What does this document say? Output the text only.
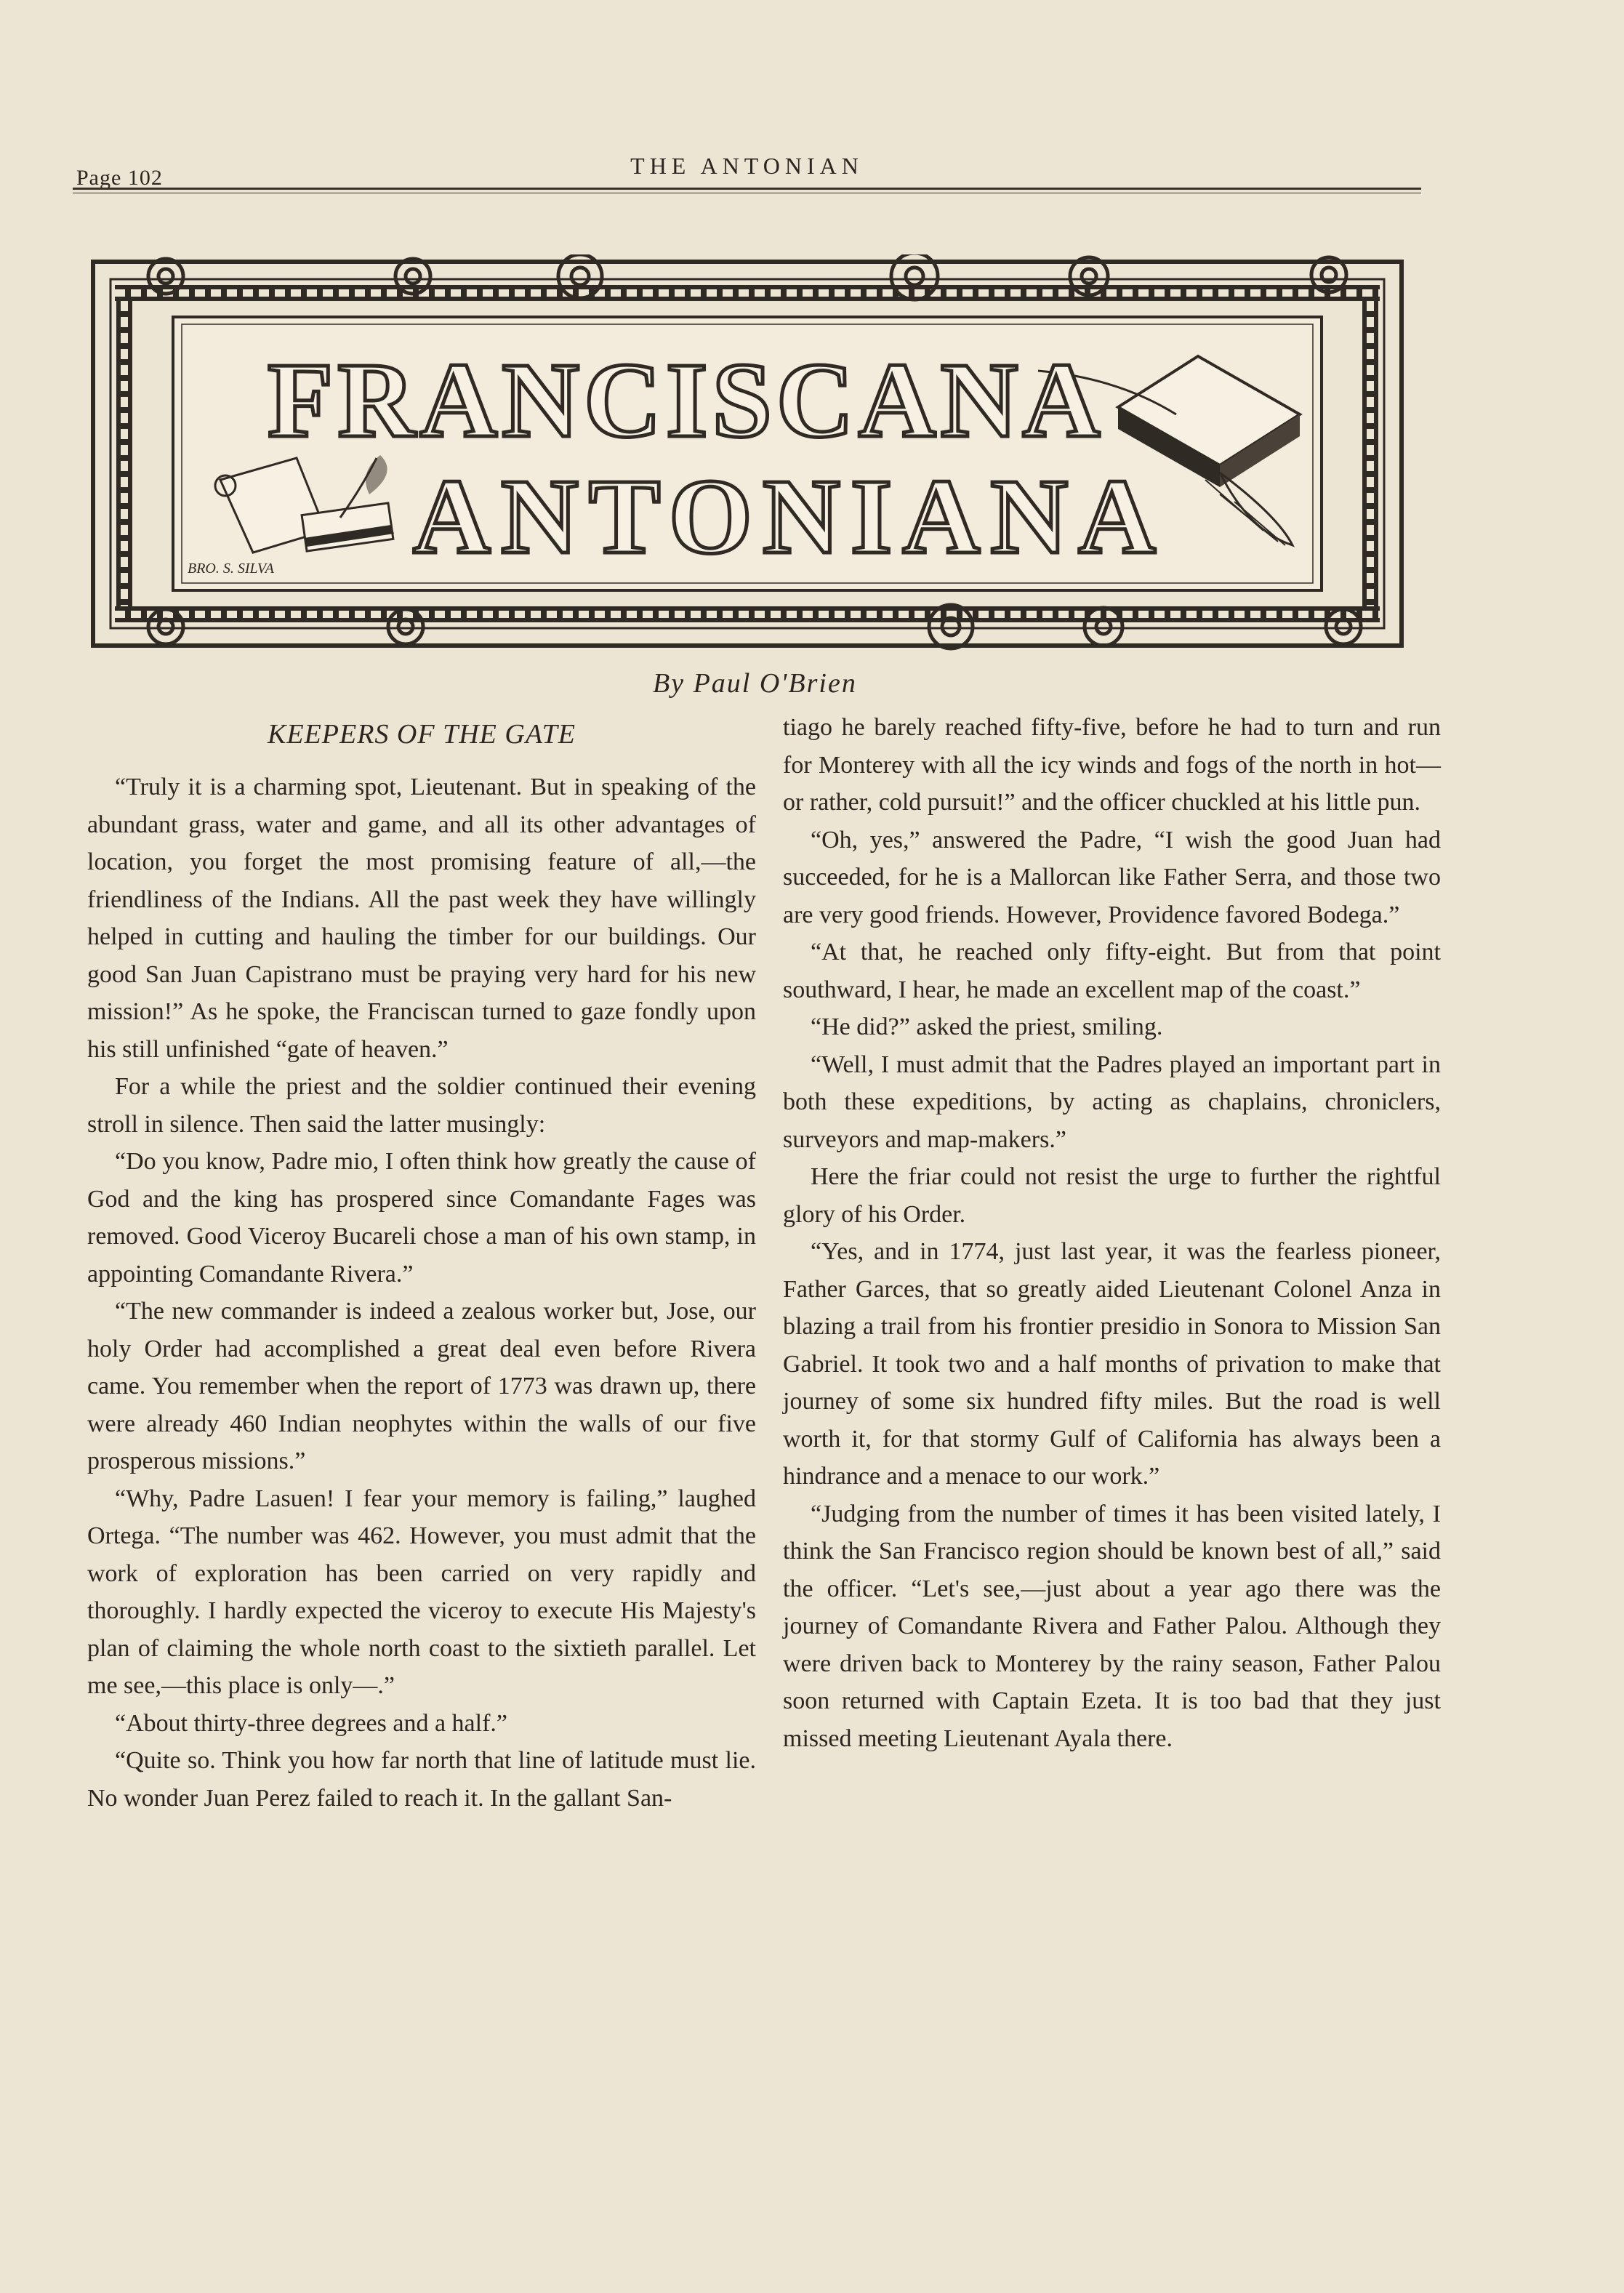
Page 102	THE ANTONIAN
FRANCISCANA
ANTONIANA
BRO. S. SILVA
By Paul O'Brien
KEEPERS OF THE GATE

“Truly it is a charming spot, Lieutenant. But in speaking of the abundant grass, water and game, and all its other advantages of location, you forget the most promising feature of all,—the friendliness of the Indians. All the past week they have willingly helped in cutting and hauling the timber for our buildings. Our good San Juan Capistrano must be praying very hard for his new mission!” As he spoke, the Franciscan turned to gaze fondly upon his still unfinished “gate of heaven.”

For a while the priest and the soldier continued their evening stroll in silence. Then said the latter musingly:

“Do you know, Padre mio, I often think how greatly the cause of God and the king has prospered since Comandante Fages was removed. Good Viceroy Bucareli chose a man of his own stamp, in appointing Comandante Rivera.”

“The new commander is indeed a zealous worker but, Jose, our holy Order had accomplished a great deal even before Rivera came. You remember when the report of 1773 was drawn up, there were already 460 Indian neophytes within the walls of our five prosperous missions.”

“Why, Padre Lasuen! I fear your memory is failing,” laughed Ortega. “The number was 462. However, you must admit that the work of exploration has been carried on very rapidly and thoroughly. I hardly expected the viceroy to execute His Majesty's plan of claiming the whole north coast to the sixtieth parallel. Let me see,—this place is only—.”

“About thirty-three degrees and a half.”

“Quite so. Think you how far north that line of latitude must lie. No wonder Juan Perez failed to reach it. In the gallant San-

tiago he barely reached fifty-five, before he had to turn and run for Monterey with all the icy winds and fogs of the north in hot—or rather, cold pursuit!” and the officer chuckled at his little pun.

“Oh, yes,” answered the Padre, “I wish the good Juan had succeeded, for he is a Mallorcan like Father Serra, and those two are very good friends. However, Providence favored Bodega.”

“At that, he reached only fifty-eight. But from that point southward, I hear, he made an excellent map of the coast.”

“He did?” asked the priest, smiling.

“Well, I must admit that the Padres played an important part in both these expeditions, by acting as chaplains, chroniclers, surveyors and map-makers.”

Here the friar could not resist the urge to further the rightful glory of his Order.

“Yes, and in 1774, just last year, it was the fearless pioneer, Father Garces, that so greatly aided Lieutenant Colonel Anza in blazing a trail from his frontier presidio in Sonora to Mission San Gabriel. It took two and a half months of privation to make that journey of some six hundred fifty miles. But the road is well worth it, for that stormy Gulf of California has always been a hindrance and a menace to our work.”

“Judging from the number of times it has been visited lately, I think the San Francisco region should be known best of all,” said the officer. “Let's see,—just about a year ago there was the journey of Comandante Rivera and Father Palou. Although they were driven back to Monterey by the rainy season, Father Palou soon returned with Captain Ezeta. It is too bad that they just missed meeting Lieutenant Ayala there.
